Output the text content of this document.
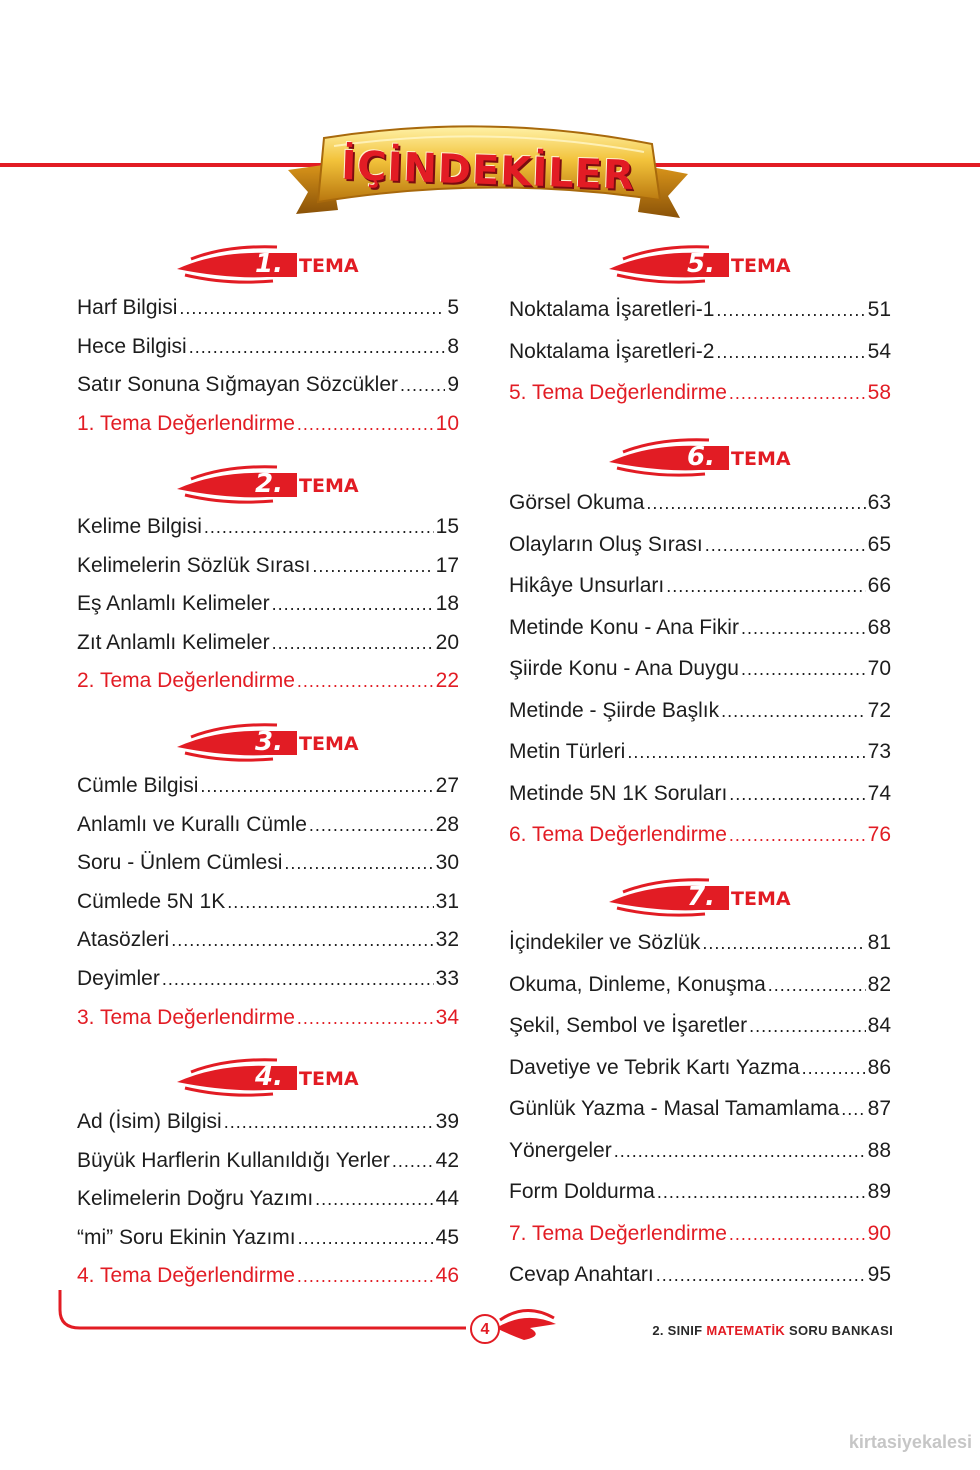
İÇİNDEKİLER
1. TEMA
Harf Bilgisi .....	5
Hece Bilgisi .....	8
Satır Sonuna Sığmayan Sözcükler ..... 9
1. Tema Değerlendirme .....	10
2. TEMA
Kelime Bilgisi .....	15
Kelimelerin Sözlük Sırası .....	17
Eş Anlamlı Kelimeler .....	18
Zıt Anlamlı Kelimeler .....	20
2. Tema Değerlendirme .....	22
3. TEMA
Cümle Bilgisi .....	27
Anlamlı ve Kurallı Cümle .....	28
Soru - Ünlem Cümlesi .....	30
Cümlede 5N 1K .....	31
Atasözleri .....	32
Deyimler .....	33
3. Tema Değerlendirme .....	34
4. TEMA
Ad (İsim) Bilgisi .....	39
Büyük Harflerin Kullanıldığı Yerler ..... 42
Kelimelerin Doğru Yazımı .....	44
“mi” Soru Ekinin Yazımı .....	45
4. Tema Değerlendirme .....	46
5. TEMA
Noktalama İşaretleri-1 .....	51
Noktalama İşaretleri-2 .....	54
5. Tema Değerlendirme .....	58
6. TEMA
Görsel Okuma .....	63
Olayların Oluş Sırası .....	65
Hikâye Unsurları .....	66
Metinde Konu - Ana Fikir .....	68
Şiirde Konu - Ana Duygu .....	70
Metinde - Şiirde Başlık .....	72
Metin Türleri .....	73
Metinde 5N 1K Soruları .....	74
6. Tema Değerlendirme .....	76
7. TEMA
İçindekiler ve Sözlük .....	81
Okuma, Dinleme, Konuşma .....	82
Şekil, Sembol ve İşaretler .....	84
Davetiye ve Tebrik Kartı Yazma .....	86
Günlük Yazma - Masal Tamamlama ..... 87
Yönergeler .....	88
Form Doldurma .....	89
7. Tema Değerlendirme .....	90
Cevap Anahtarı .....	95
4	2. SINIF MATEMATİK SORU BANKASI
kirtasiyekalesi
